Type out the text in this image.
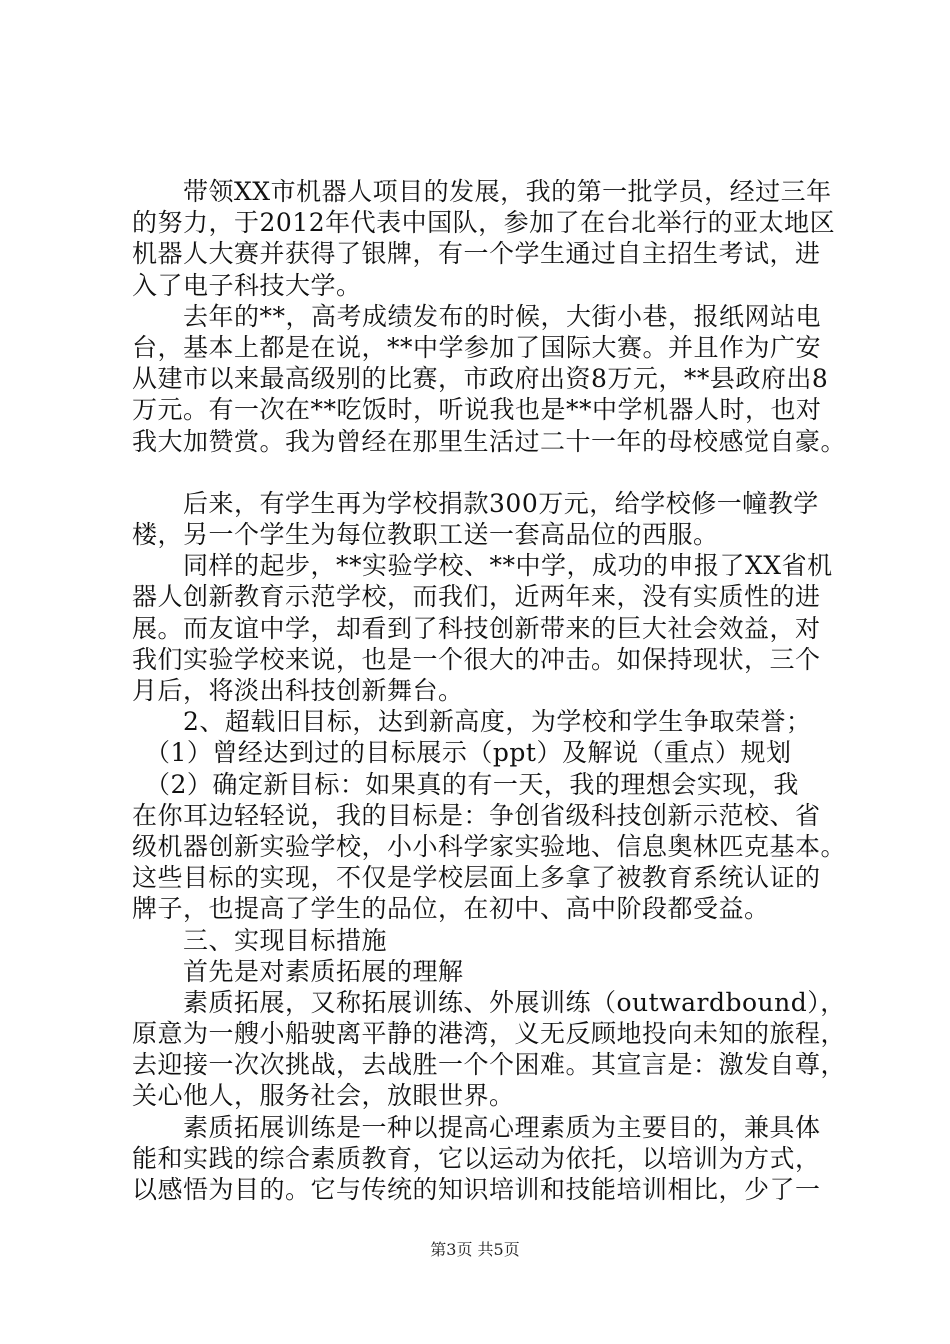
　　带领XX市机器人项目的发展，我的第一批学员，经过三年
的努力，于2012年代表中国队，参加了在台北举行的亚太地区
机器人大赛并获得了银牌，有一个学生通过自主招生考试，进
入了电子科技大学。
　　去年的**，高考成绩发布的时候，大街小巷，报纸网站电
台，基本上都是在说，**中学参加了国际大赛。并且作为广安
从建市以来最高级别的比赛，市政府出资8万元，**县政府出8
万元。有一次在**吃饭时，听说我也是**中学机器人时，也对
我大加赞赏。我为曾经在那里生活过二十一年的母校感觉自豪。
　　后来，有学生再为学校捐款300万元，给学校修一幢教学
楼，另一个学生为每位教职工送一套高品位的西服。
　　同样的起步，**实验学校、**中学，成功的申报了XX省机
器人创新教育示范学校，而我们，近两年来，没有实质性的进
展。而友谊中学，却看到了科技创新带来的巨大社会效益，对
我们实验学校来说，也是一个很大的冲击。如保持现状，三个
月后，将淡出科技创新舞台。
　　2、超载旧目标，达到新高度，为学校和学生争取荣誉；
　（1）曾经达到过的目标展示（ppt）及解说（重点）规划
　（2）确定新目标：如果真的有一天，我的理想会实现，我
在你耳边轻轻说，我的目标是：争创省级科技创新示范校、省
级机器创新实验学校，小小科学家实验地、信息奥林匹克基本。
这些目标的实现，不仅是学校层面上多拿了被教育系统认证的
牌子，也提高了学生的品位，在初中、高中阶段都受益。
　　三、实现目标措施
　　首先是对素质拓展的理解
　　素质拓展，又称拓展训练、外展训练（outwardbound），
原意为一艘小船驶离平静的港湾，义无反顾地投向未知的旅程，
去迎接一次次挑战，去战胜一个个困难。其宣言是：激发自尊，
关心他人，服务社会，放眼世界。
　　素质拓展训练是一种以提高心理素质为主要目的，兼具体
能和实践的综合素质教育，它以运动为依托，以培训为方式，
以感悟为目的。它与传统的知识培训和技能培训相比，少了一
第3页 共5页
